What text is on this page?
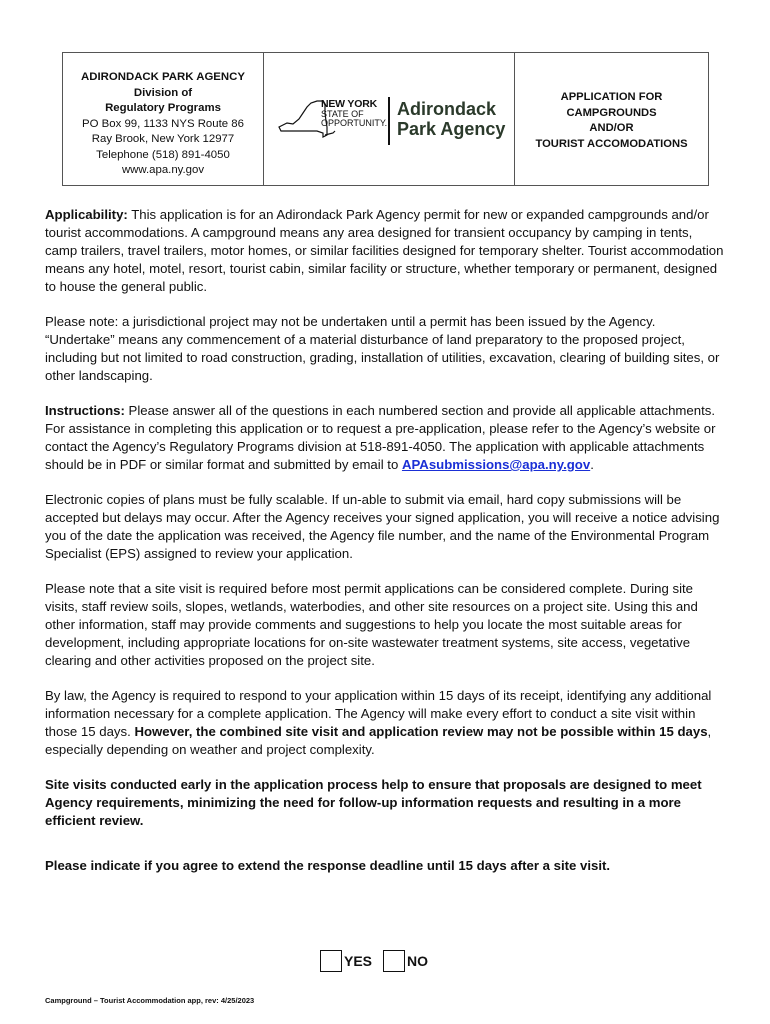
ADIRONDACK PARK AGENCY
Division of
Regulatory Programs
PO Box 99, 1133 NYS Route 86
Ray Brook, New York 12977
Telephone (518) 891-4050
www.apa.ny.gov
NEW YORK
STATE OF
OPPORTUNITY.
Adirondack
Park Agency
APPLICATION FOR
CAMPGROUNDS
AND/OR
TOURIST ACCOMODATIONS

Applicability: This application is for an Adirondack Park Agency permit for new or expanded campgrounds and/or tourist accommodations. A campground means any area designed for transient occupancy by camping in tents, camp trailers, travel trailers, motor homes, or similar facilities designed for temporary shelter. Tourist accommodation means any hotel, motel, resort, tourist cabin, similar facility or structure, whether temporary or permanent, designed to house the general public.

Please note: a jurisdictional project may not be undertaken until a permit has been issued by the Agency. “Undertake” means any commencement of a material disturbance of land preparatory to the proposed project, including but not limited to road construction, grading, installation of utilities, excavation, clearing of building sites, or other landscaping.

Instructions: Please answer all of the questions in each numbered section and provide all applicable attachments. For assistance in completing this application or to request a pre-application, please refer to the Agency’s website or contact the Agency’s Regulatory Programs division at 518-891-4050. The application with applicable attachments should be in PDF or similar format and submitted by email to APAsubmissions@apa.ny.gov.

Electronic copies of plans must be fully scalable. If un-able to submit via email, hard copy submissions will be accepted but delays may occur. After the Agency receives your signed application, you will receive a notice advising you of the date the application was received, the Agency file number, and the name of the Environmental Program Specialist (EPS) assigned to review your application.

Please note that a site visit is required before most permit applications can be considered complete. During site visits, staff review soils, slopes, wetlands, waterbodies, and other site resources on a project site. Using this and other information, staff may provide comments and suggestions to help you locate the most suitable areas for development, including appropriate locations for on-site wastewater treatment systems, site access, vegetative clearing and other activities proposed on the project site.

By law, the Agency is required to respond to your application within 15 days of its receipt, identifying any additional information necessary for a complete application. The Agency will make every effort to conduct a site visit within those 15 days. However, the combined site visit and application review may not be possible within 15 days, especially depending on weather and project complexity.

Site visits conducted early in the application process help to ensure that proposals are designed to meet Agency requirements, minimizing the need for follow-up information requests and resulting in a more efficient review.

Please indicate if you agree to extend the response deadline until 15 days after a site visit.

YES	NO
Campground – Tourist Accommodation app, rev: 4/25/2023
